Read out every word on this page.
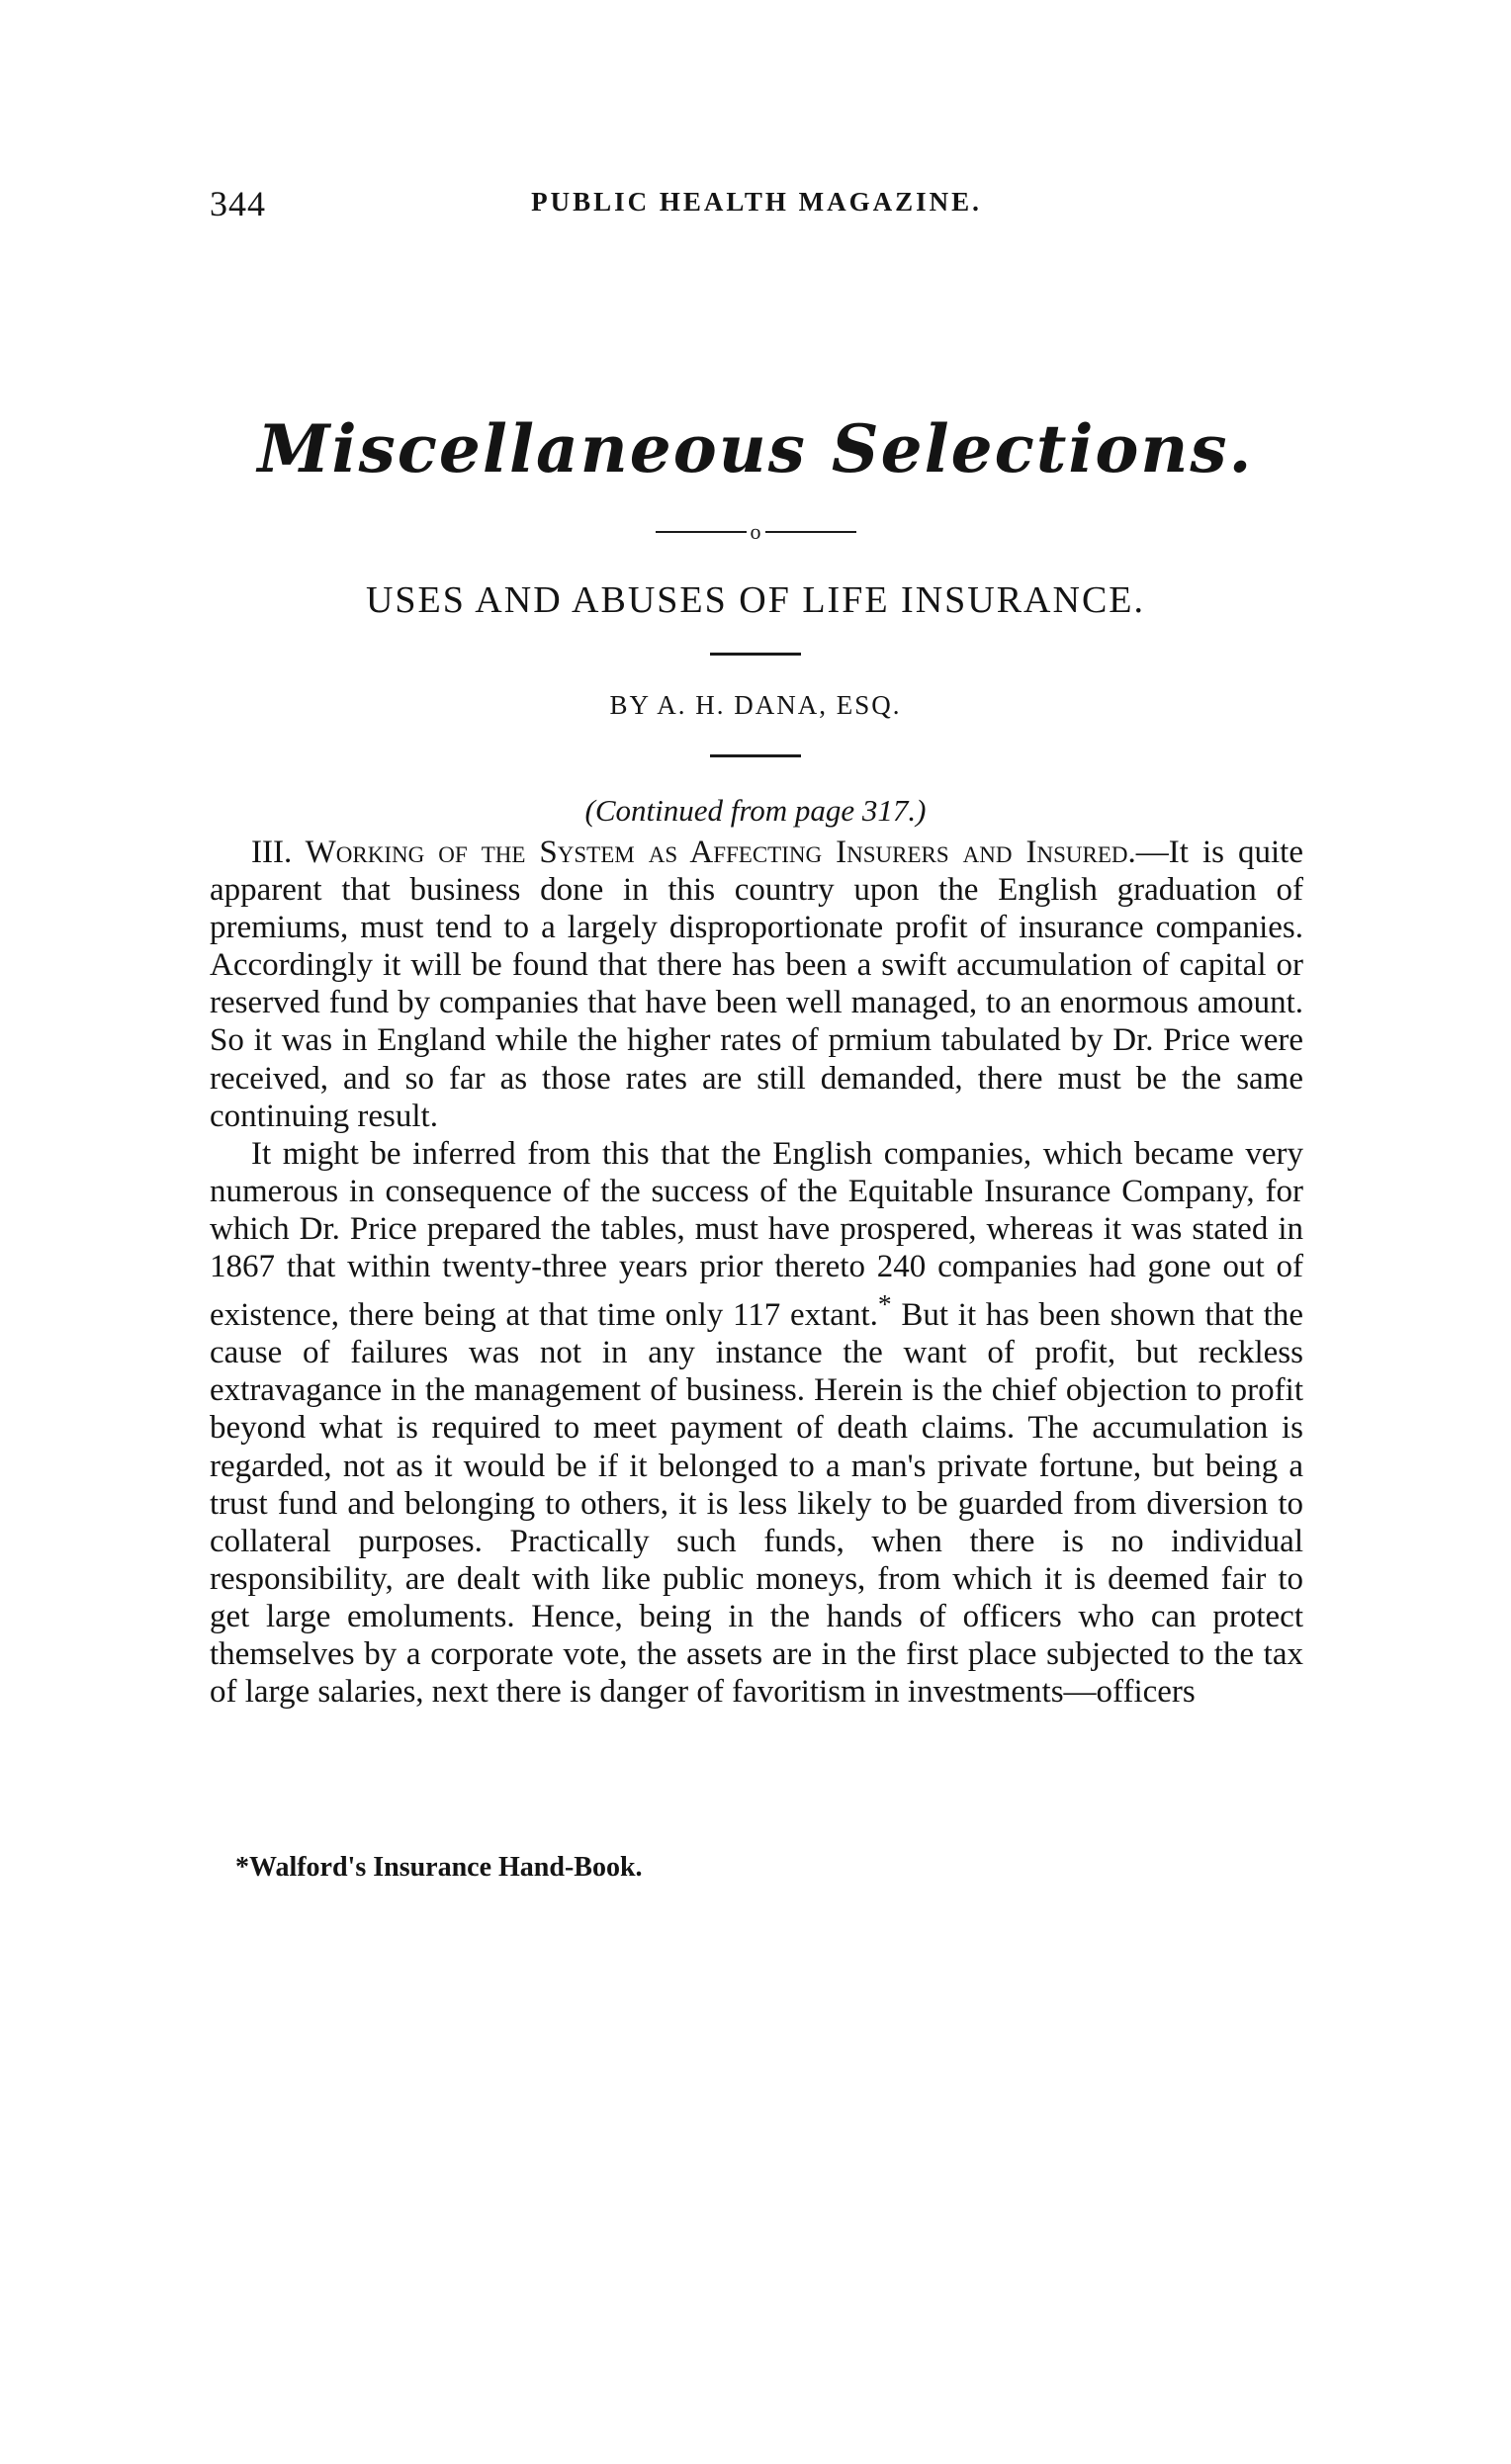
344	PUBLIC HEALTH MAGAZINE.
Miscellaneous Selections.
o
USES AND ABUSES OF LIFE INSURANCE.
BY A. H. DANA, ESQ.
(Continued from page 317.)

III. Working of the System as Affecting Insurers and Insured.—It is quite apparent that business done in this country upon the English graduation of premiums, must tend to a largely disproportionate profit of insurance companies. Accordingly it will be found that there has been a swift accumulation of capital or reserved fund by companies that have been well managed, to an enormous amount. So it was in England while the higher rates of prmium tabulated by Dr. Price were received, and so far as those rates are still demanded, there must be the same continuing result.

It might be inferred from this that the English companies, which became very numerous in consequence of the success of the Equitable Insurance Company, for which Dr. Price prepared the tables, must have prospered, whereas it was stated in 1867 that within twenty-three years prior thereto 240 companies had gone out of existence, there being at that time only 117 extant.* But it has been shown that the cause of failures was not in any instance the want of profit, but reckless extravagance in the management of business. Herein is the chief objection to profit beyond what is required to meet payment of death claims. The accumulation is regarded, not as it would be if it belonged to a man's private fortune, but being a trust fund and belonging to others, it is less likely to be guarded from diversion to collateral purposes. Practically such funds, when there is no individual responsibility, are dealt with like public moneys, from which it is deemed fair to get large emoluments. Hence, being in the hands of officers who can protect themselves by a corporate vote, the assets are in the first place subjected to the tax of large salaries, next there is danger of favoritism in investments—officers

*Walford's Insurance Hand-Book.
